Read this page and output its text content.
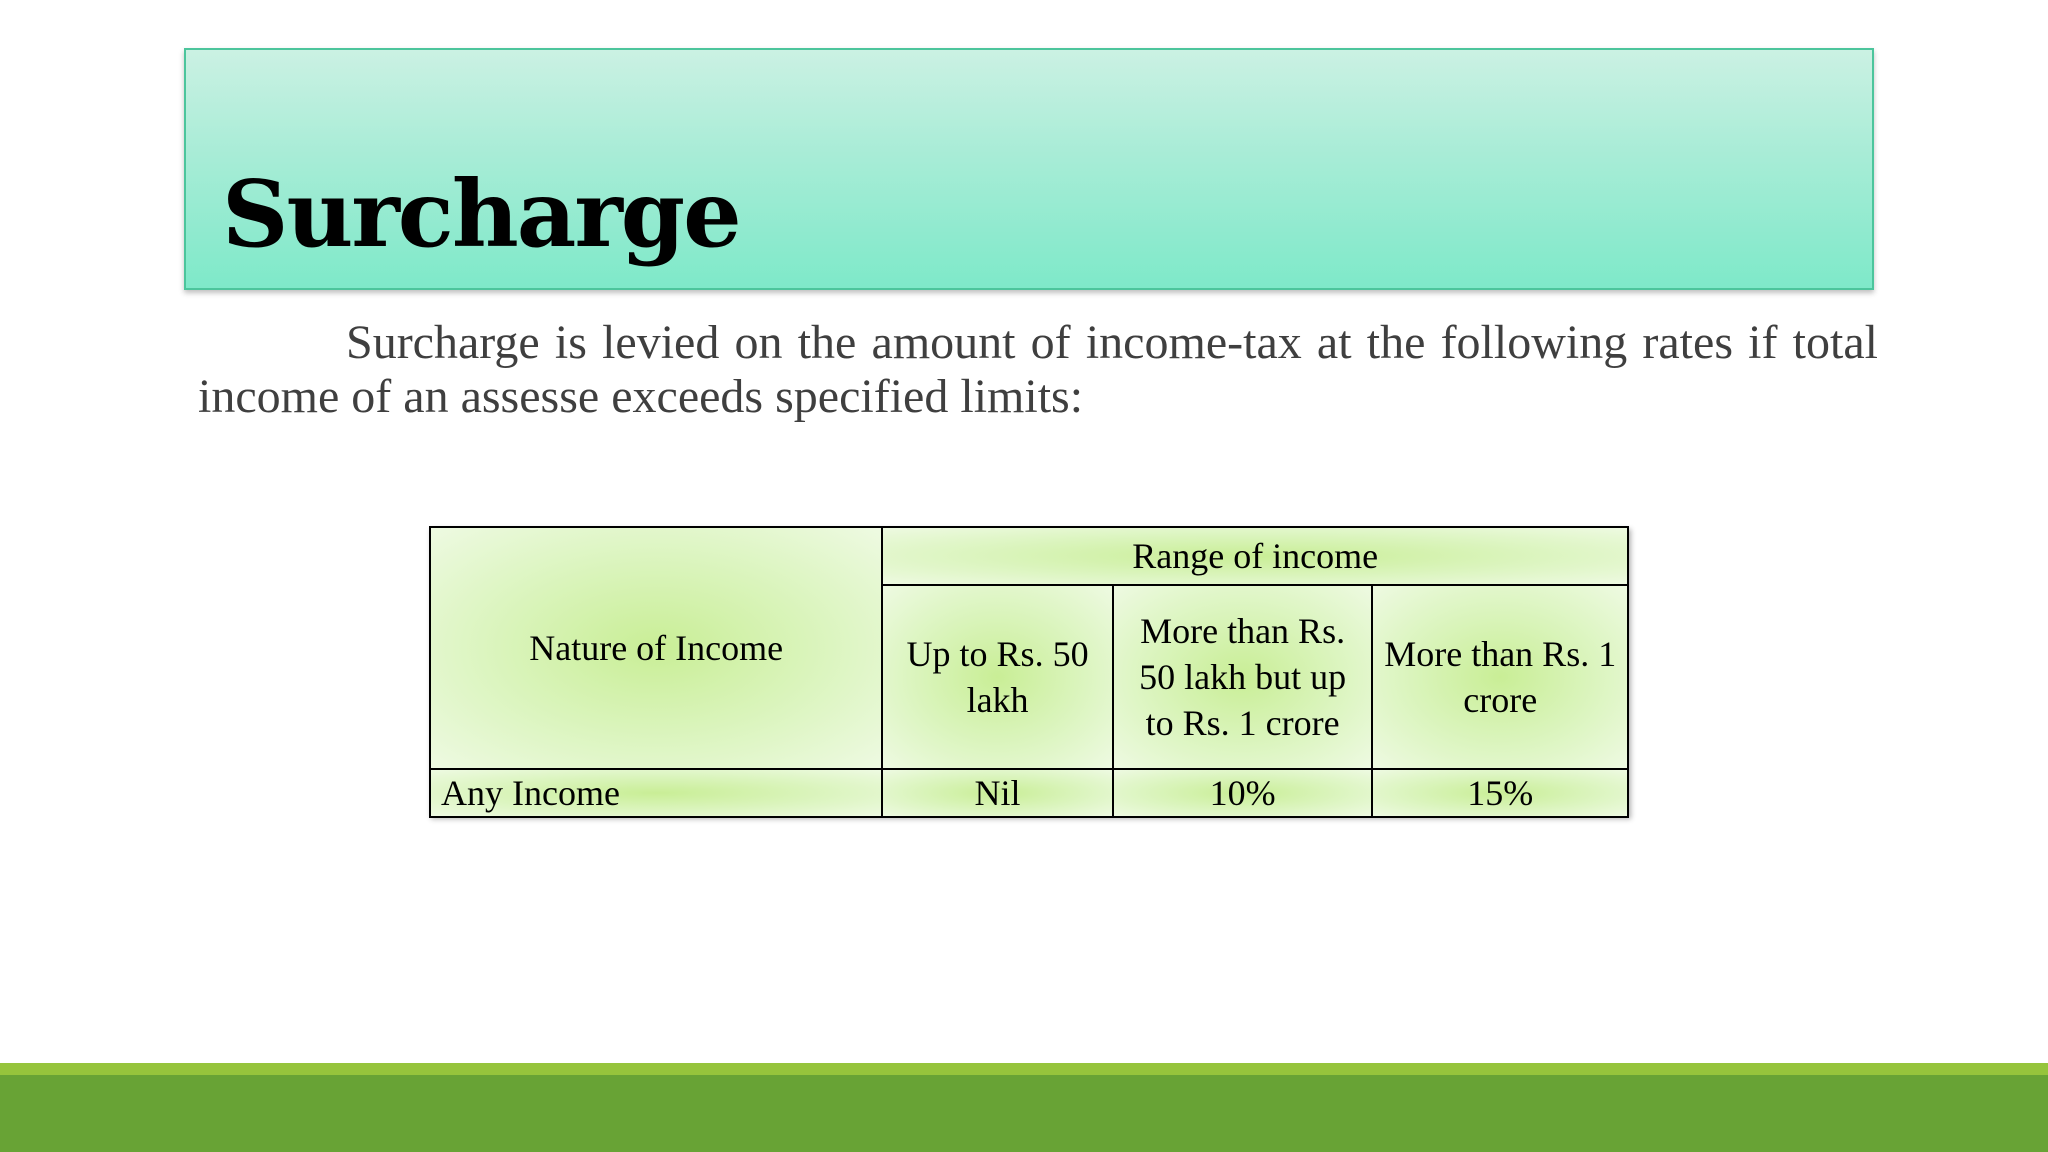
Surcharge

Surcharge is levied on the amount of income-tax at the following rates if total income of an assesse exceeds specified limits:

Nature of Income	Range of income		
	Up to Rs. 50 lakh	More than Rs. 50 lakh but up to Rs. 1 crore	More than Rs. 1 crore
Any Income	Nil	10%	15%
